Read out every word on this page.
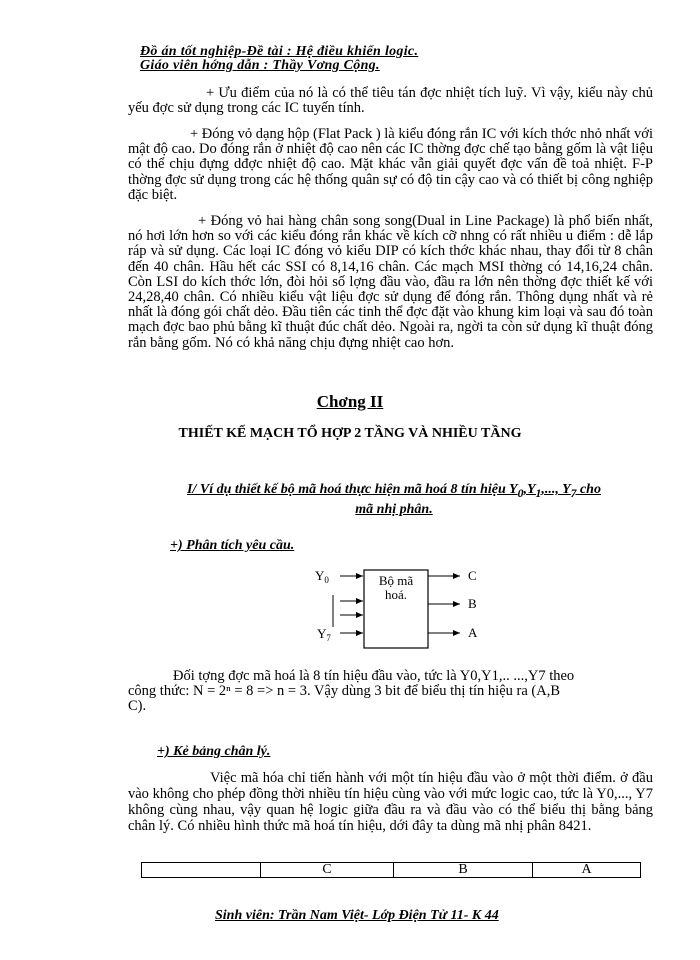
Đồ án tốt nghiệp-Đề tài : Hệ điều khiển logic.
Giáo viên hớng dẫn : Thầy Vơng Cộng.

+ Ưu điểm của nó là có thể tiêu tán đợc nhiệt tích luỹ. Vì vậy, kiểu này chủ yếu đợc sử dụng trong các IC tuyến tính.

+ Đóng vỏ dạng hộp (Flat Pack ) là kiểu đóng rắn IC với kích thớc nhỏ nhất với mật độ cao. Do đóng rắn ở nhiệt độ cao nên các IC thờng đợc chế tạo bằng gốm là vật liệu có thể chịu đựng dđợc nhiệt độ cao. Mặt khác vẫn giải quyết đợc vấn đề toả nhiệt. F-P thờng đợc sử dụng trong các hệ thống quân sự có độ tin cậy cao và có thiết bị công nghiệp đặc biệt.

+ Đóng vỏ hai hàng chân song song(Dual in Line Package) là phổ biến nhất, nó hơi lớn hơn so với các kiểu đóng rắn khác về kích cỡ nhng có rất nhiều u điểm : dễ lắp ráp và sử dụng. Các loại IC đóng vỏ kiểu DIP có kích thớc khác nhau, thay đổi từ 8 chân đến 40 chân. Hầu hết các SSI có 8,14,16 chân. Các mạch MSI thờng có 14,16,24 chân. Còn LSI do kích thớc lớn, đòi hỏi số lợng đầu vào, đầu ra lớn nên thờng đợc thiết kế với 24,28,40 chân. Có nhiều kiểu vật liệu đợc sử dụng để đóng rắn. Thông dụng nhất và rẻ nhất là đóng gói chất dẻo. Đầu tiên các tinh thể đợc đặt vào khung kim loại và sau đó toàn mạch đợc bao phủ bằng kĩ thuật đúc chất dẻo. Ngoài ra, ngời ta còn sử dụng kĩ thuật đóng rắn bằng gốm. Nó có khả năng chịu đựng nhiệt cao hơn.

Chơng II
THIẾT KẾ MẠCH TỔ HỢP 2 TẦNG VÀ NHIỀU TẦNG
I/ Ví dụ thiết kế bộ mã hoá thực hiện mã hoá 8 tín hiệu $Y_0,Y_1$,..., $Y_7$ cho
mã nhị phân.
+) Phân tích yêu cầu.
Bộ mã
hoá.
$Y_0$
$Y_7$
C
B
A
Đối tợng đợc mã hoá là 8 tín hiệu đầu vào, tức là Y0,Y1,.. ...,Y7 theo
công thức: N = 2ⁿ = 8 => n = 3. Vậy dùng 3 bit để biểu thị tín hiệu ra (A,B
C).
+) Kẻ bảng chân lý.

Việc mã hóa chỉ tiến hành với một tín hiệu đầu vào ở một thời điểm. ở đầu vào không cho phép đồng thời nhiều tín hiệu cùng vào với mức logic cao, tức là Y0,..., Y7 không cùng nhau, vậy quan hệ logic giữa đầu ra và đầu vào có thể biểu thị bằng bảng chân lý. Có nhiều hình thức mã hoá tín hiệu, dới đây ta dùng mã nhị phân 8421.

	C	B	A
Sinh viên: Trần Nam Việt- Lớp Điện Tử 11- K 44
